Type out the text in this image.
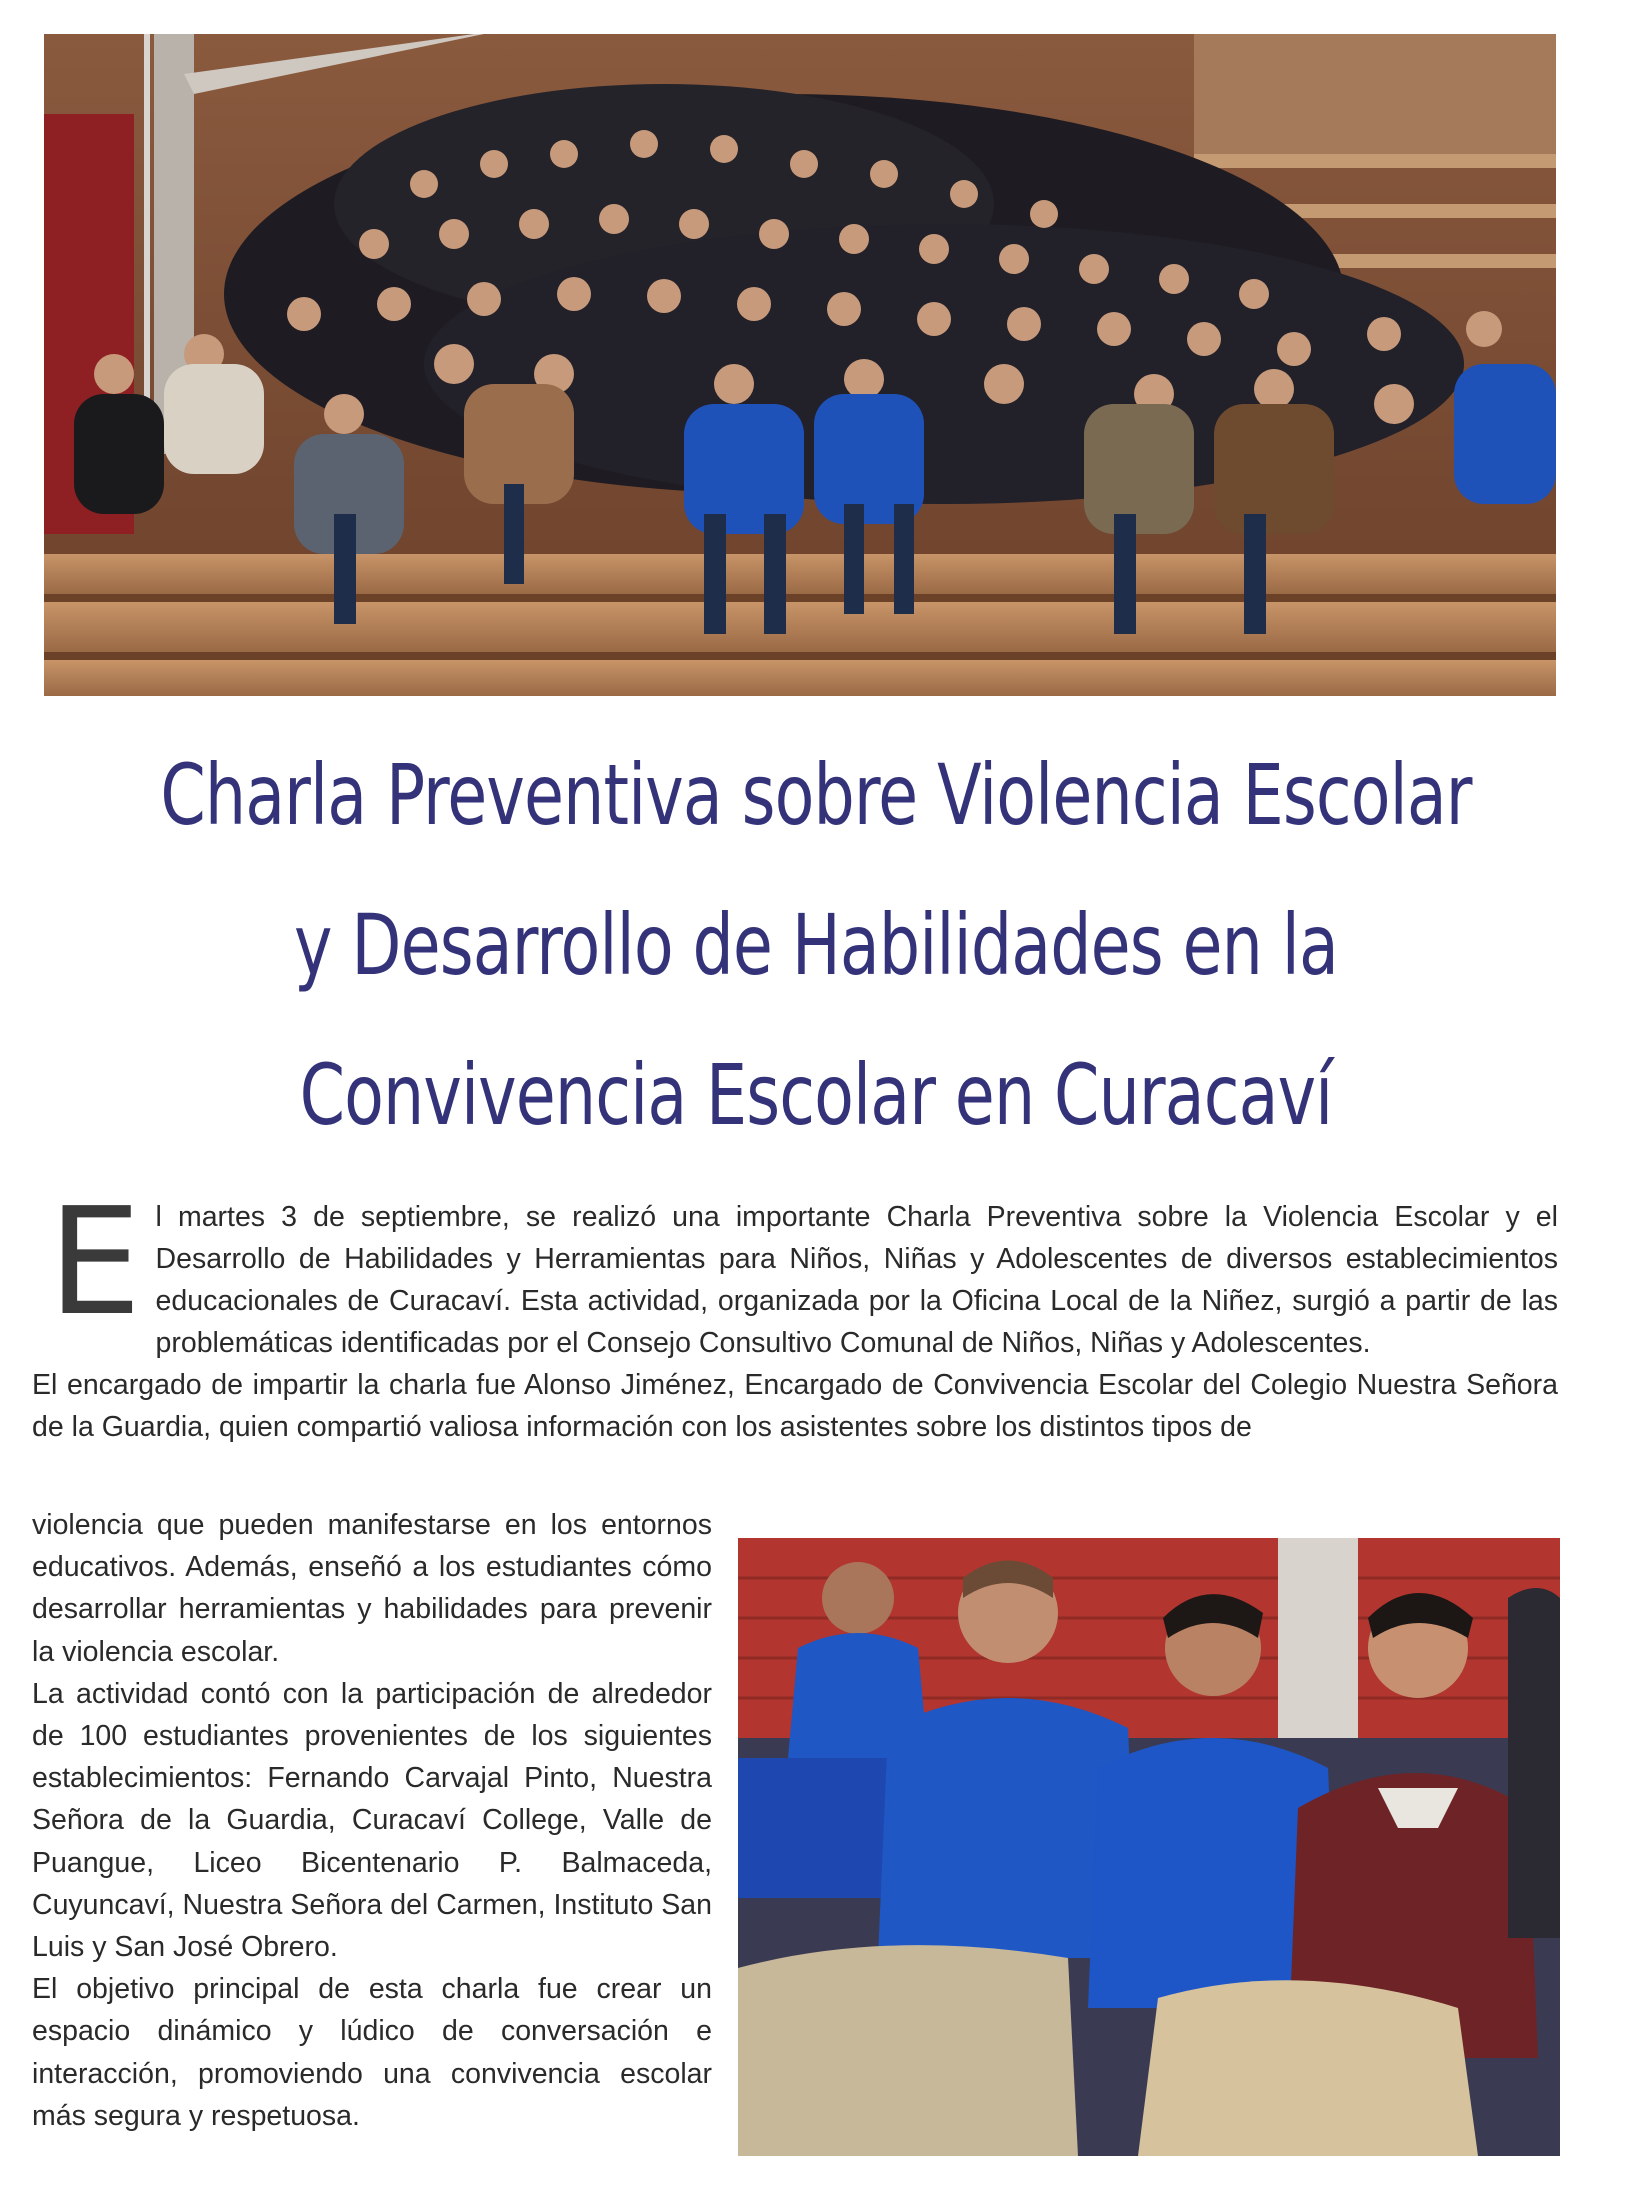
Charla Preventiva sobre Violencia Escolar
y Desarrollo de Habilidades en la
Convivencia Escolar en Curacaví
E l martes 3 de septiembre, se realizó una importante Charla Preventiva sobre la Violencia Escolar y el Desarrollo de Habilidades y Herramientas para Niños, Niñas y Adolescentes de diversos establecimientos educacionales de Curacaví. Esta actividad, organizada por la Oficina Local de la Niñez, surgió a partir de las problemáticas identificadas por el Consejo Consultivo Comunal de Niños, Niñas y Adolescentes.

El encargado de impartir la charla fue Alonso Jiménez, Encargado de Convivencia Escolar del Colegio Nuestra Señora de la Guardia, quien compartió valiosa información con los asistentes sobre los distintos tipos de

violencia que pueden manifestarse en los entornos educativos. Además, enseñó a los estudiantes cómo desarrollar herramientas y habilidades para prevenir la violencia escolar.

La actividad contó con la participación de alrededor de 100 estudiantes provenientes de los siguientes establecimientos: Fernando Carvajal Pinto, Nuestra Señora de la Guardia, Curacaví College, Valle de Puangue, Liceo Bicentenario P. Balmaceda, Cuyuncaví, Nuestra Señora del Carmen, Instituto San Luis y San José Obrero.

El objetivo principal de esta charla fue crear un espacio dinámico y lúdico de conversación e interacción, promoviendo una convivencia escolar más segura y respetuosa.
